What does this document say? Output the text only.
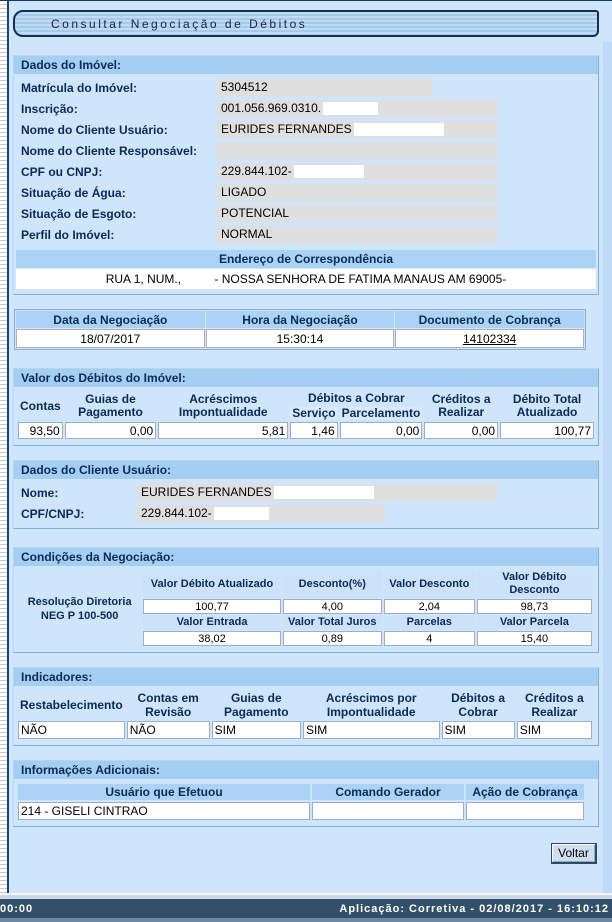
Consultar Negociação de Débitos
Dados do Imóvel:
Matrícula do Imóvel:	5304512
Inscrição:	001.056.969.0310.
Nome do Cliente Usuário:	EURIDES FERNANDES
Nome do Cliente Responsável:
CPF ou CNPJ:	229.844.102-
Situação de Água:	LIGADO
Situação de Esgoto:	POTENCIAL
Perfil do Imóvel:	NORMAL
Endereço de Correspondência
RUA 1, NUM.,          - NOSSA SENHORA DE FATIMA MANAUS AM 69005-
Data da Negociação	Hora da Negociação	Documento de Cobrança
18/07/2017	15:30:14	14102334
Valor dos Débitos do Imóvel:
Contas	Guias de Pagamento	Acréscimos Impontualidade	Débitos a Cobrar		Créditos a Realizar	Débito Total Atualizado
			Serviço	Parcelamento		
93,50	0,00	5,81	1,46	0,00	0,00	100,77
Dados do Cliente Usuário:
Nome:	EURIDES FERNANDES
CPF/CNPJ:	229.844.102-
Condições da Negociação:
Resolução Diretoria
NEG P 100-500	Valor Débito Atualizado	Desconto(%)	Valor Desconto	Valor Débito Desconto
	100,77	4,00	2,04	98,73
	Valor Entrada	Valor Total Juros	Parcelas	Valor Parcela
	38,02	0,89	4	15,40
Indicadores:
Restabelecimento	Contas em Revisão	Guias de Pagamento	Acréscimos por Impontualidade	Débitos a Cobrar	Créditos a Realizar
NÃO	NÃO	SIM	SIM	SIM	SIM
Informações Adicionais:
Usuário que Efetuou	Comando Gerador	Ação de Cobrança
214 - GISELI CINTRAO		
Voltar
00:00	Aplicação: Corretiva - 02/08/2017 - 16:10:12
